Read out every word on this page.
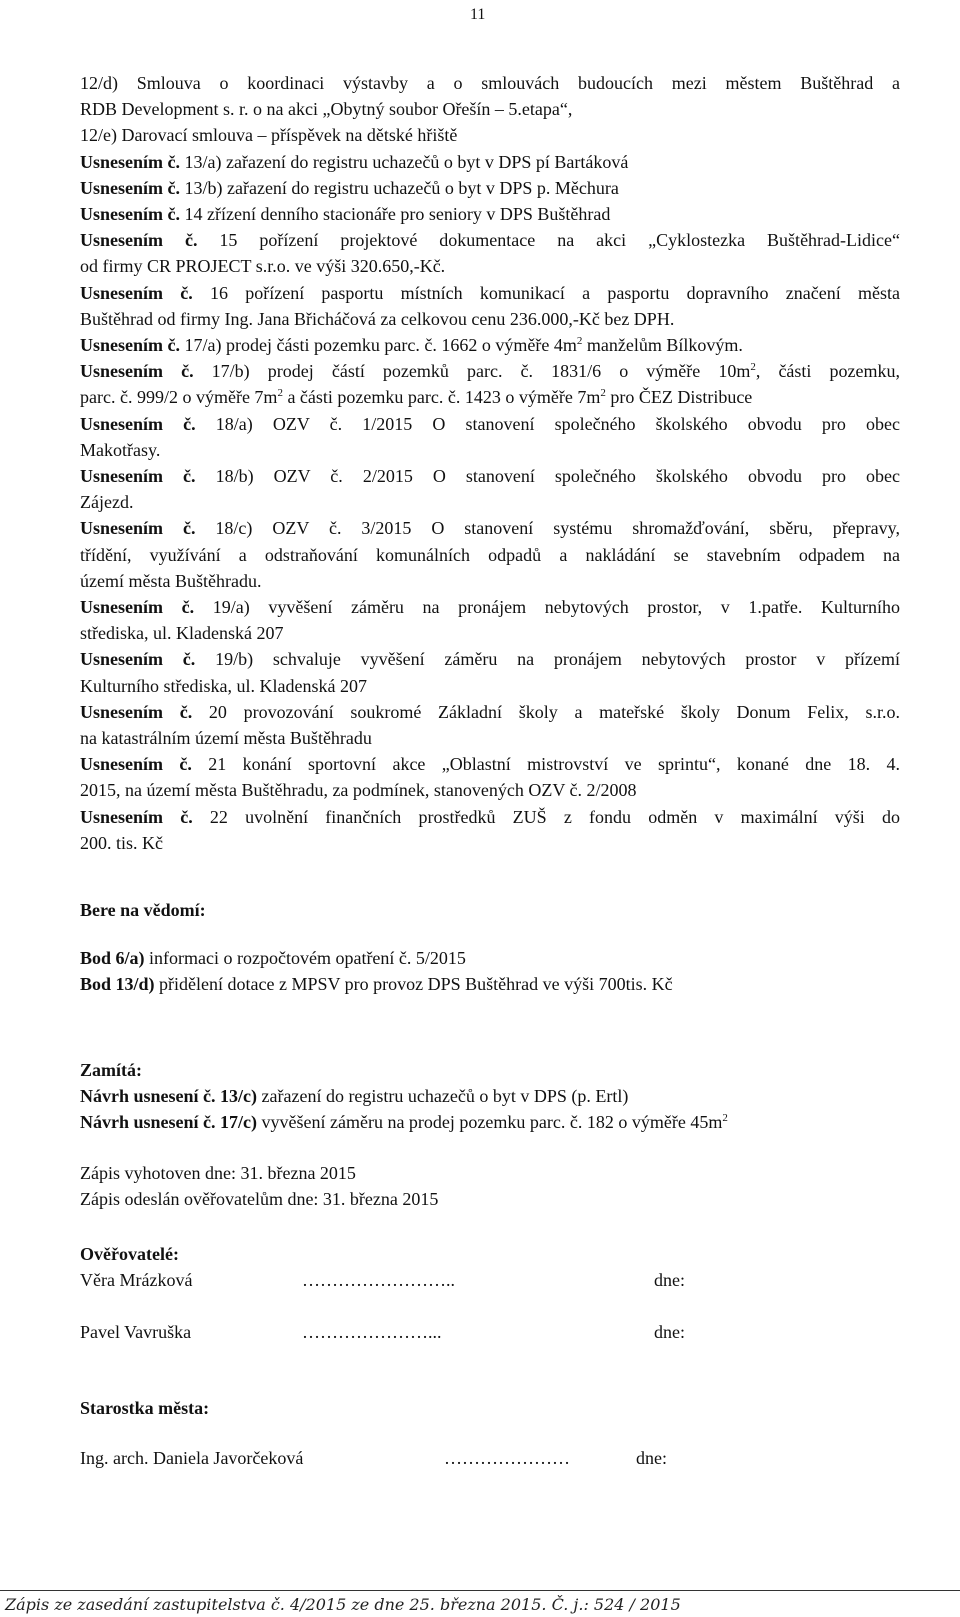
11
12/d) Smlouva o koordinaci výstavby a o smlouvách budoucích mezi městem Buštěhrad a
RDB Development s. r. o na akci „Obytný soubor Ořešín – 5.etapa“,
12/e) Darovací smlouva – příspěvek na dětské hřiště
Usnesením č. 13/a) zařazení do registru uchazečů o byt v DPS pí Bartáková
Usnesením č. 13/b) zařazení do registru uchazečů o byt v DPS p. Měchura
Usnesením č. 14 zřízení denního stacionáře pro seniory v DPS Buštěhrad
Usnesením č. 15 pořízení projektové dokumentace na akci „Cyklostezka Buštěhrad-Lidice“
od firmy CR PROJECT s.r.o. ve výši 320.650,-Kč.
Usnesením č. 16 pořízení pasportu místních komunikací a pasportu dopravního značení města
Buštěhrad od firmy Ing. Jana Břicháčová za celkovou cenu 236.000,-Kč bez DPH.
Usnesením č. 17/a) prodej části pozemku parc. č. 1662 o výměře $4m^2$ manželům Bílkovým.
Usnesením č. 17/b) prodej částí pozemků parc. č. 1831/6 o výměře $10m^2$, části pozemku,
parc. č. 999/2 o výměře $7m^2$ a části pozemku parc. č. 1423 o výměře $7m^2$ pro ČEZ Distribuce
Usnesením č. 18/a) OZV č. 1/2015 O stanovení společného školského obvodu pro obec
Makotřasy.
Usnesením č. 18/b) OZV č. 2/2015 O stanovení společného školského obvodu pro obec
Zájezd.
Usnesením č. 18/c) OZV č. 3/2015 O stanovení systému shromažďování, sběru, přepravy,
třídění, využívání a odstraňování komunálních odpadů a nakládání se stavebním odpadem na
území města Buštěhradu.
Usnesením č. 19/a) vyvěšení záměru na pronájem nebytových prostor, v 1.patře. Kulturního
střediska, ul. Kladenská 207
Usnesením č. 19/b) schvaluje vyvěšení záměru na pronájem nebytových prostor v přízemí
Kulturního střediska, ul. Kladenská 207
Usnesením č. 20 provozování soukromé Základní školy a mateřské školy Donum Felix, s.r.o.
na katastrálním území města Buštěhradu
Usnesením č. 21 konání sportovní akce „Oblastní mistrovství ve sprintu“, konané dne 18. 4.
2015, na území města Buštěhradu, za podmínek, stanovených OZV č. 2/2008
Usnesením č. 22 uvolnění finančních prostředků ZUŠ z fondu odměn v maximální výši do
200. tis. Kč
Bere na vědomí:
Bod 6/a) informaci o rozpočtovém opatření č. 5/2015
Bod 13/d) přidělení dotace z MPSV pro provoz DPS Buštěhrad ve výši 700tis. Kč
Zamítá:
Návrh usnesení č. 13/c) zařazení do registru uchazečů o byt v DPS (p. Ertl)
Návrh usnesení č. 17/c) vyvěšení záměru na prodej pozemku parc. č. 182 o výměře $45m^2$
Zápis vyhotoven dne: 31. března 2015
Zápis odeslán ověřovatelům dne: 31. března 2015
Ověřovatelé:
Věra Mrázková	……………………..	dne:
Pavel Vavruška	…………………...	dne:
Starostka města:
Ing. arch. Daniela Javorčeková	…………………	dne:
Zápis ze zasedání zastupitelstva č. 4/2015 ze dne 25. března 2015. Č. j.: 524 / 2015
